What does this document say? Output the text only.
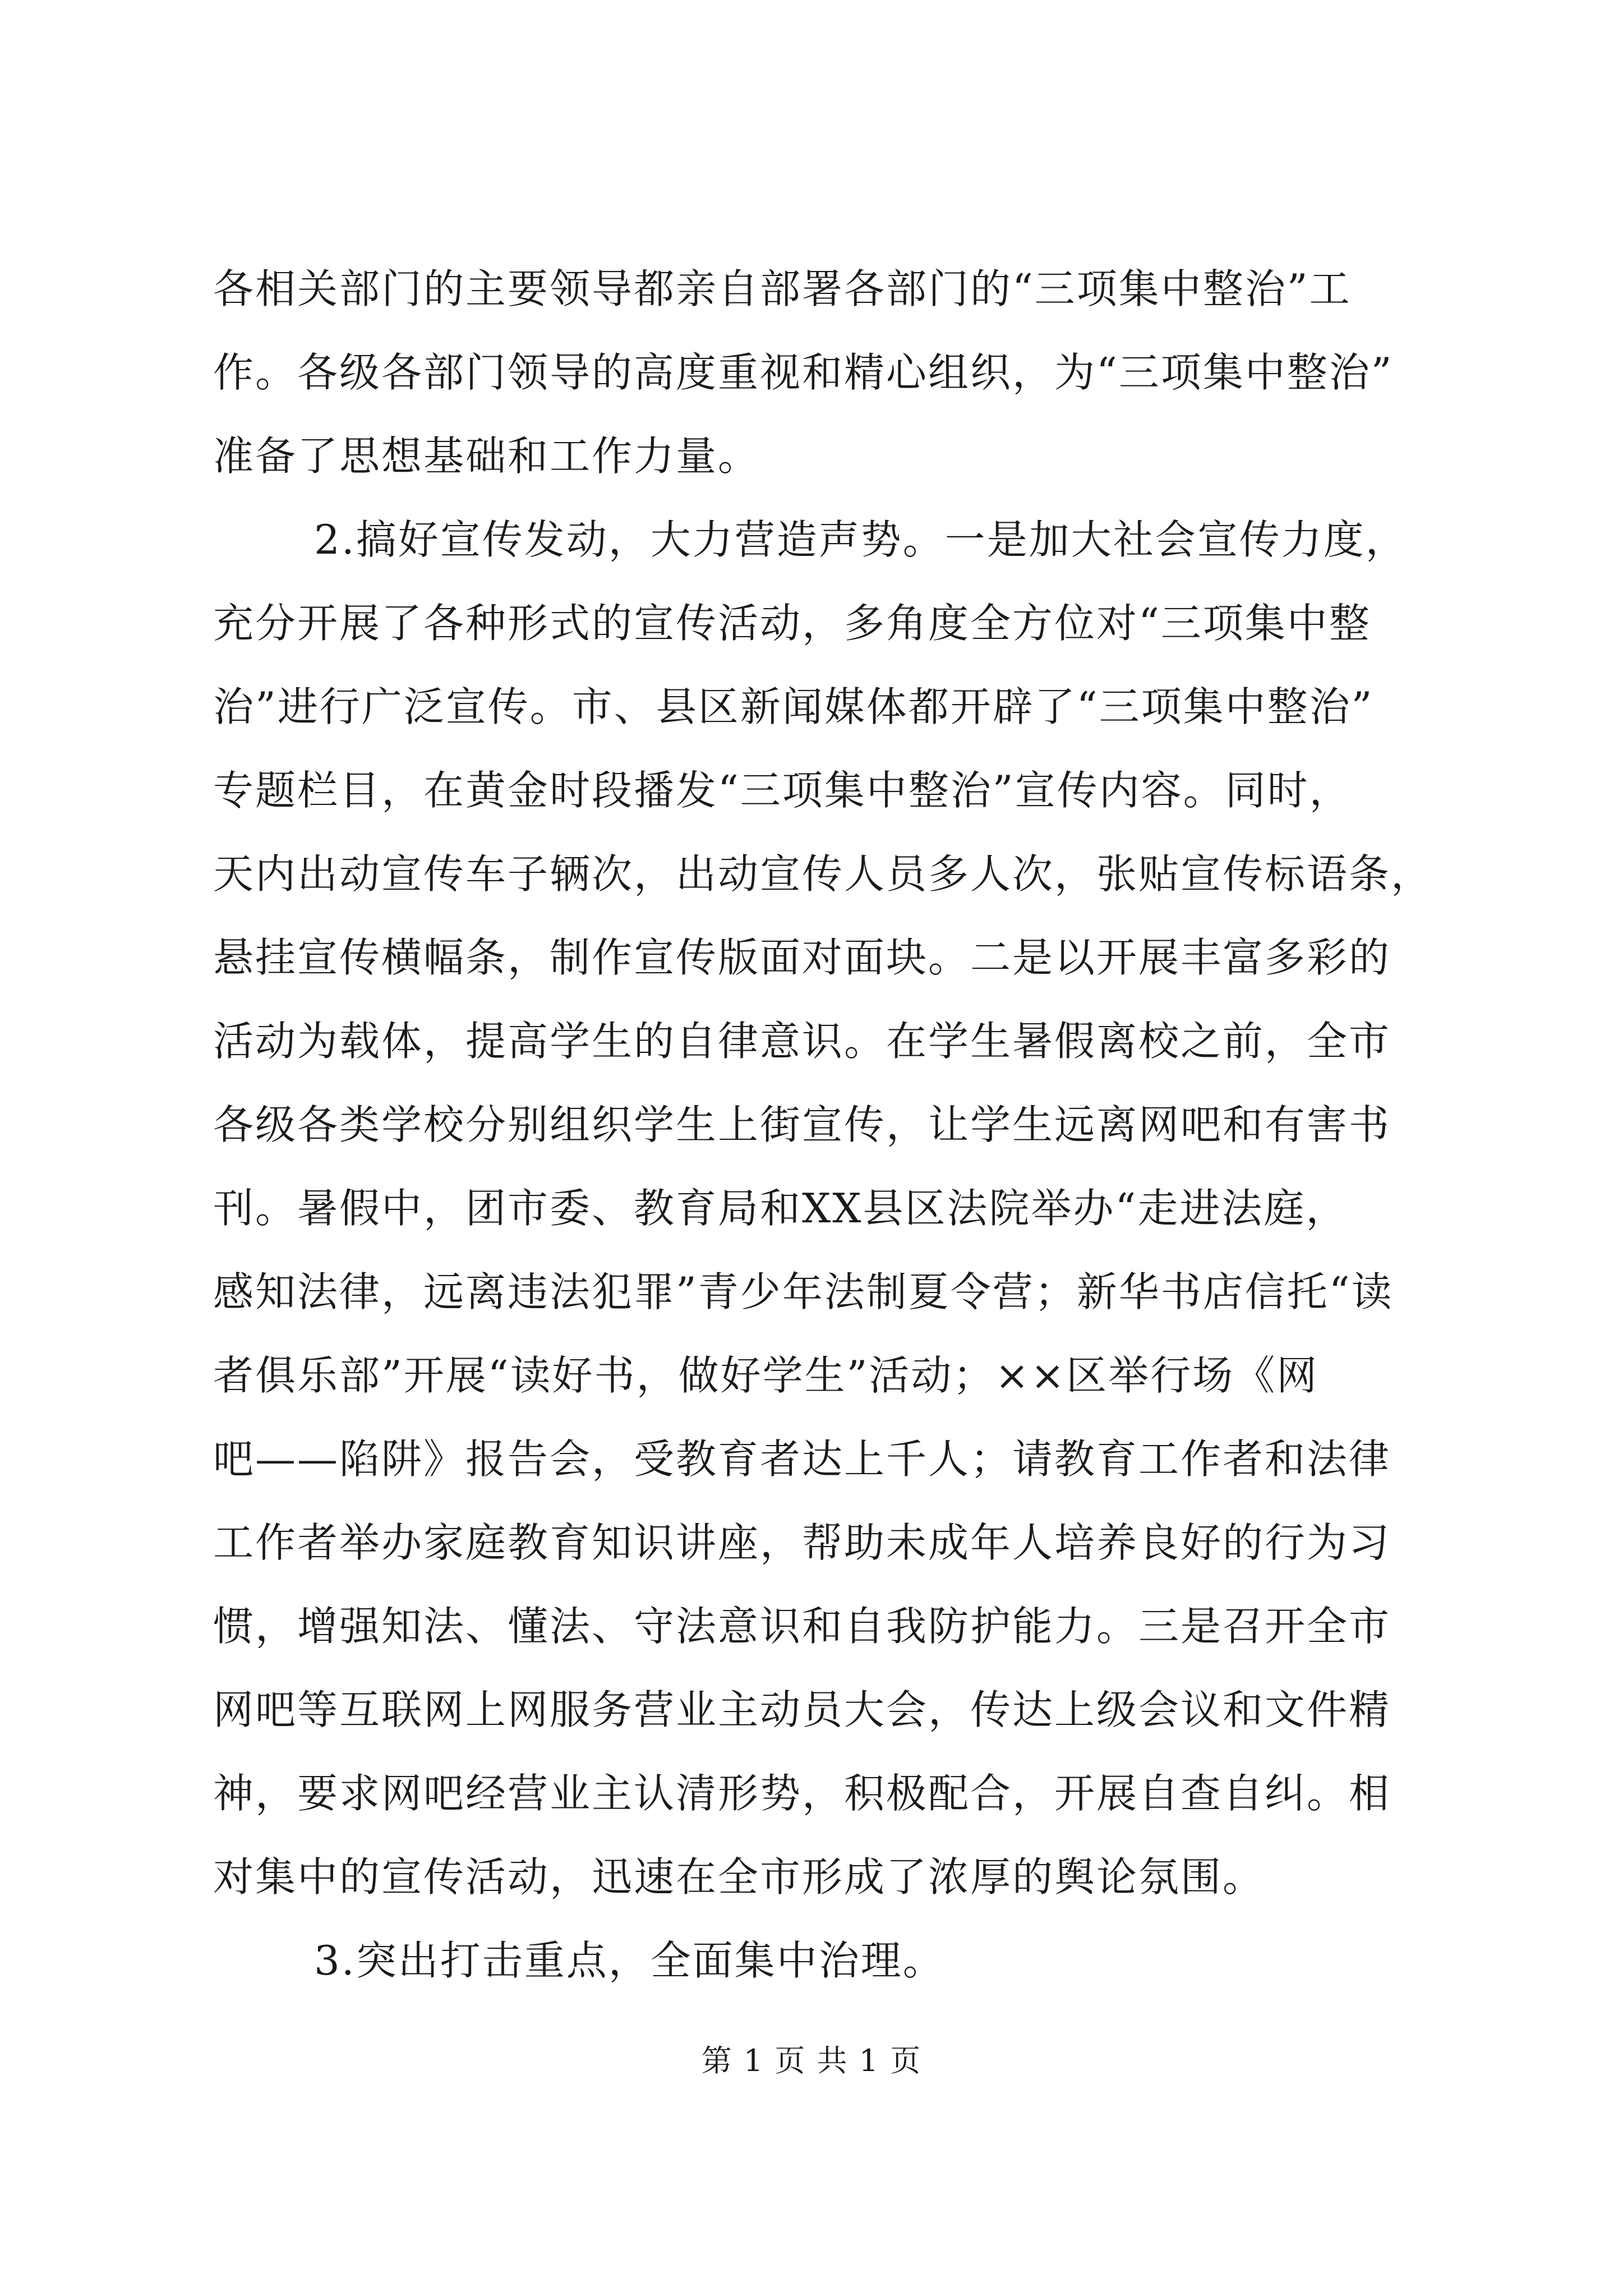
各相关部门的主要领导都亲自部署各部门的“三项集中整治”工
作。各级各部门领导的高度重视和精心组织，为“三项集中整治”
准备了思想基础和工作力量。
2.搞好宣传发动，大力营造声势。一是加大社会宣传力度，
充分开展了各种形式的宣传活动，多角度全方位对“三项集中整
治”进行广泛宣传。市、县区新闻媒体都开辟了“三项集中整治”
专题栏目，在黄金时段播发“三项集中整治”宣传内容。同时，
天内出动宣传车子辆次，出动宣传人员多人次，张贴宣传标语条，
悬挂宣传横幅条，制作宣传版面对面块。二是以开展丰富多彩的
活动为载体，提高学生的自律意识。在学生暑假离校之前，全市
各级各类学校分别组织学生上街宣传，让学生远离网吧和有害书
刊。暑假中，团市委、教育局和XX县区法院举办“走进法庭，
感知法律，远离违法犯罪”青少年法制夏令营；新华书店信托“读
者俱乐部”开展“读好书，做好学生”活动；××区举行场《网
吧——陷阱》报告会，受教育者达上千人；请教育工作者和法律
工作者举办家庭教育知识讲座，帮助未成年人培养良好的行为习
惯，增强知法、懂法、守法意识和自我防护能力。三是召开全市
网吧等互联网上网服务营业主动员大会，传达上级会议和文件精
神，要求网吧经营业主认清形势，积极配合，开展自查自纠。相
对集中的宣传活动，迅速在全市形成了浓厚的舆论氛围。
3.突出打击重点，全面集中治理。
第 1 页 共 1 页
